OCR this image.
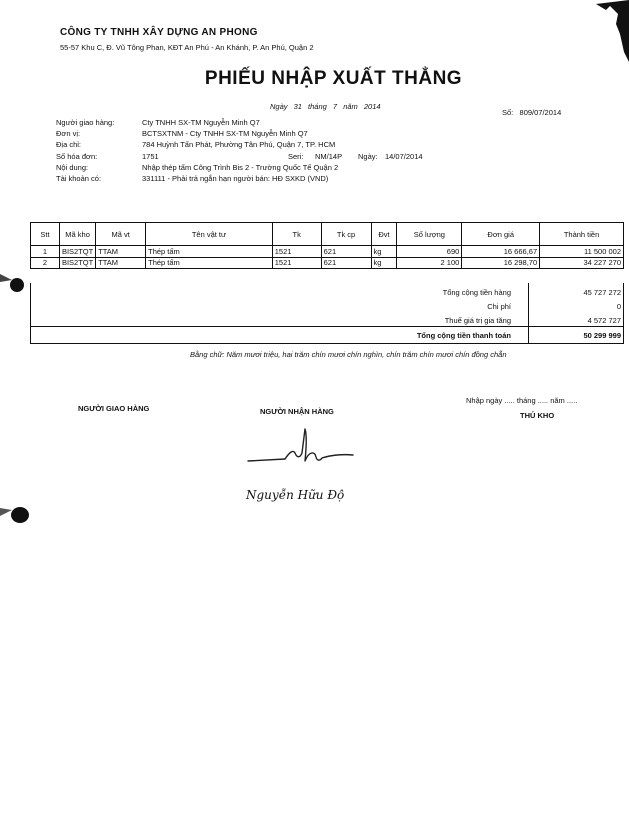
CÔNG TY TNHH XÂY DỰNG AN PHONG
55-57 Khu C, Đ. Vũ Tông Phan, KĐT An Phú - An Khánh, P. An Phú, Quận 2
PHIẾU NHẬP XUẤT THẲNG
Ngày 31 tháng 7 năm 2014
Số: 809/07/2014
Người giao hàng:	Cty TNHH SX-TM Nguyễn Minh Q7
Đơn vị:	BCTSXTNM - Cty TNHH SX-TM Nguyễn Minh Q7
Địa chỉ:	784 Huỳnh Tấn Phát, Phường Tân Phú, Quận 7, TP. HCM
Số hóa đơn:	1751	Seri: NM/14P Ngày: 14/07/2014
Nội dung:	Nhập thép tấm Công Trình Bis 2 - Trường Quốc Tế Quận 2
Tài khoản có:	331111 - Phải trả ngắn hạn người bán: HĐ SXKD (VND)
Stt	Mã kho	Mã vt	Tên vật tư	Tk	Tk cp	Đvt	Số lượng	Đơn giá	Thành tiền
1	BIS2TQT	TTAM	Thép tấm	1521	621	kg	690	16 666,67	11 500 002
2	BIS2TQT	TTAM	Thép tấm	1521	621	kg	2 100	16 298,70	34 227 270
Tổng cộng tiền hàng	45 727 272
Chi phí	0
Thuế giá trị gia tăng	4 572 727
Tổng cộng tiền thanh toán	50 299 999
Bằng chữ: Năm mươi triệu, hai trăm chín mươi chín nghìn, chín trăm chín mươi chín đồng chẵn
Nhập ngày ..... tháng ..... năm .....
NGƯỜI GIAO HÀNG	NGƯỜI NHẬN HÀNG	THỦ KHO
Nguyễn Hữu Độ
